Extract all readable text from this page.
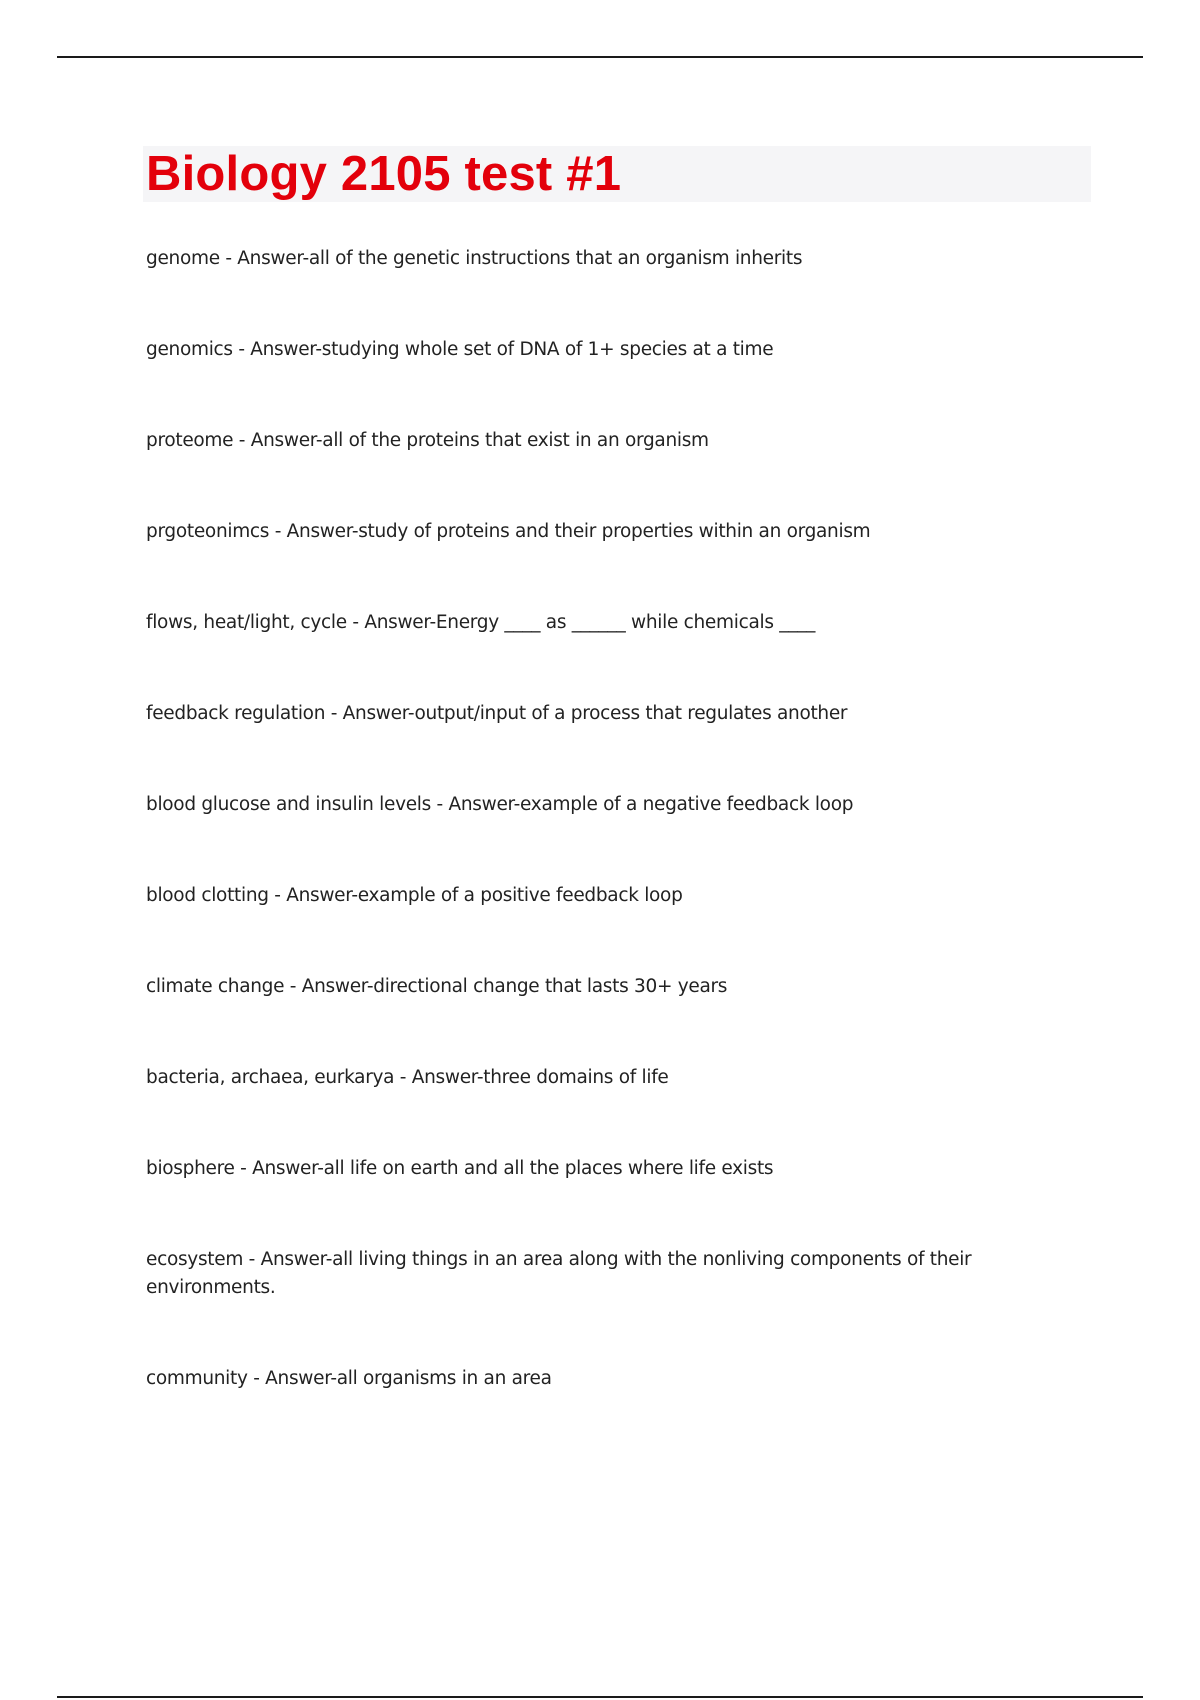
Biology 2105 test #1
genome - Answer-all of the genetic instructions that an organism inherits
genomics - Answer-studying whole set of DNA of 1+ species at a time
proteome - Answer-all of the proteins that exist in an organism
prgoteonimcs - Answer-study of proteins and their properties within an organism
flows, heat/light, cycle - Answer-Energy ____ as ______ while chemicals ____
feedback regulation - Answer-output/input of a process that regulates another
blood glucose and insulin levels - Answer-example of a negative feedback loop
blood clotting - Answer-example of a positive feedback loop
climate change - Answer-directional change that lasts 30+ years
bacteria, archaea, eurkarya - Answer-three domains of life
biosphere - Answer-all life on earth and all the places where life exists
ecosystem - Answer-all living things in an area along with the nonliving components of their environments.
community - Answer-all organisms in an area
